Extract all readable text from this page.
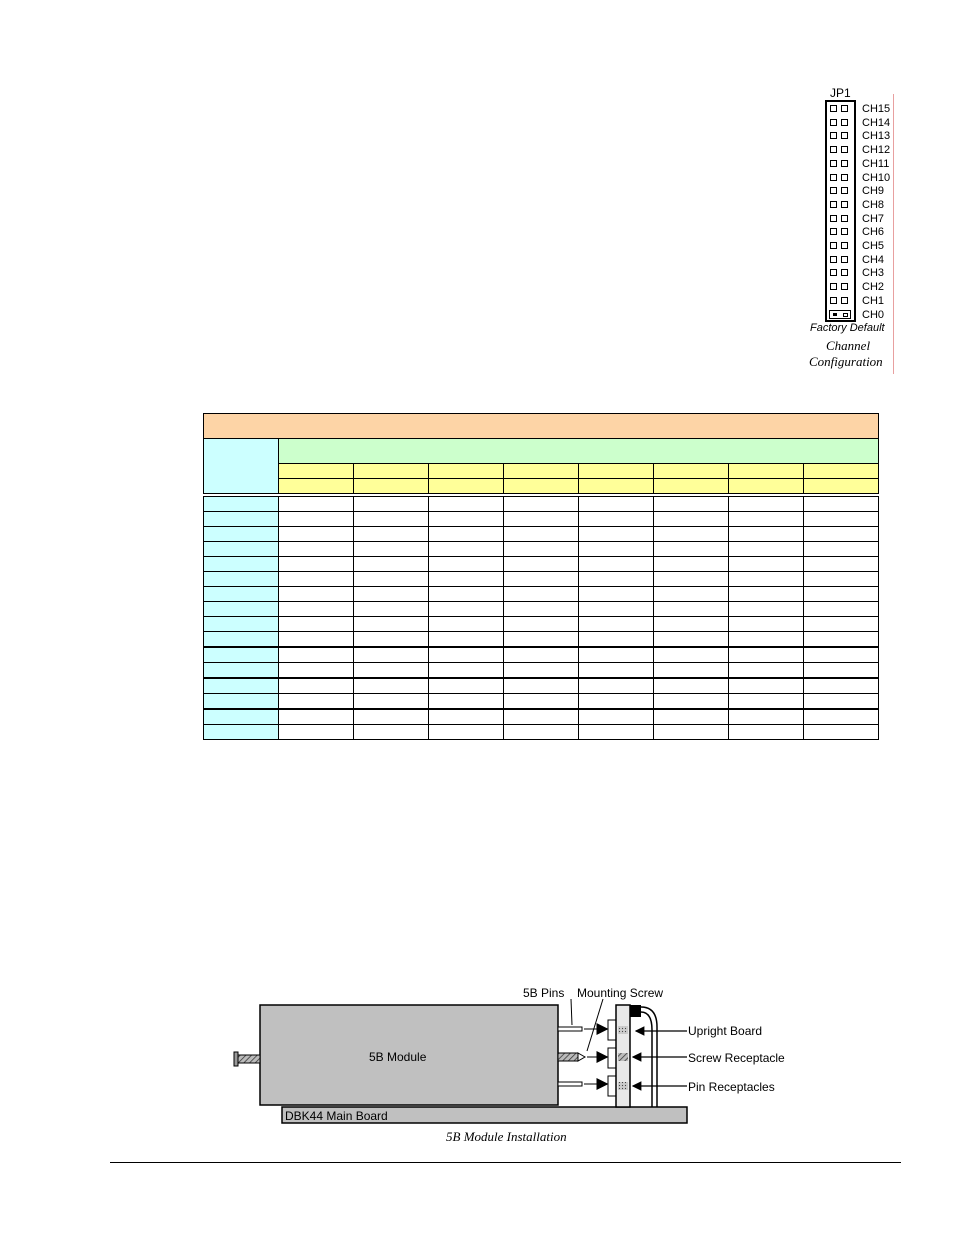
JP1
CH15
CH14
CH13
CH12
CH11
CH10
CH9
CH8
CH7
CH6
CH5
CH4
CH3
CH2
CH1
CH0
Factory Default
Channel
Configuration

5B Pins Mounting Screw
Upright Board
Screw Receptacle
Pin Receptacles
5B Module
DBK44 Main Board
5B Module Installation
